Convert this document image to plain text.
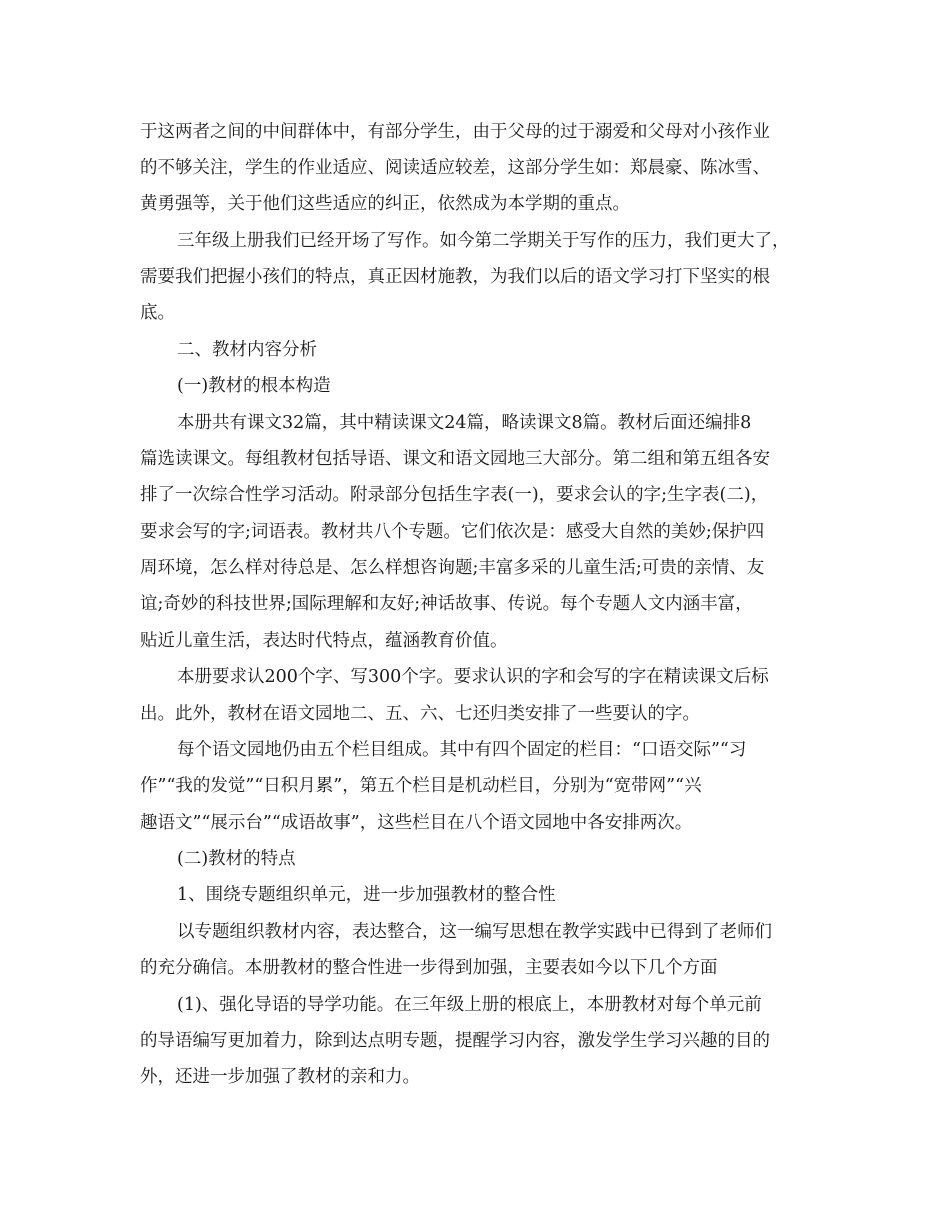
于这两者之间的中间群体中，有部分学生，由于父母的过于溺爱和父母对小孩作业
的不够关注，学生的作业适应、阅读适应较差，这部分学生如：郑晨豪、陈冰雪、
黄勇强等，关于他们这些适应的纠正，依然成为本学期的重点。
三年级上册我们已经开场了写作。如今第二学期关于写作的压力，我们更大了，
需要我们把握小孩们的特点，真正因材施教，为我们以后的语文学习打下坚实的根
底。
二、教材内容分析
(一)教材的根本构造
本册共有课文32篇，其中精读课文24篇，略读课文8篇。教材后面还编排8
篇选读课文。每组教材包括导语、课文和语文园地三大部分。第二组和第五组各安
排了一次综合性学习活动。附录部分包括生字表(一)，要求会认的字;生字表(二)，
要求会写的字;词语表。教材共八个专题。它们依次是：感受大自然的美妙;保护四
周环境，怎么样对待总是、怎么样想咨询题;丰富多采的儿童生活;可贵的亲情、友
谊;奇妙的科技世界;国际理解和友好;神话故事、传说。每个专题人文内涵丰富，
贴近儿童生活，表达时代特点，蕴涵教育价值。
本册要求认200个字、写300个字。要求认识的字和会写的字在精读课文后标
出。此外，教材在语文园地二、五、六、七还归类安排了一些要认的字。
每个语文园地仍由五个栏目组成。其中有四个固定的栏目：“口语交际”“习
作”“我的发觉”“日积月累”，第五个栏目是机动栏目，分别为“宽带网”“兴
趣语文”“展示台”“成语故事”，这些栏目在八个语文园地中各安排两次。
(二)教材的特点
1、围绕专题组织单元，进一步加强教材的整合性
以专题组织教材内容，表达整合，这一编写思想在教学实践中已得到了老师们
的充分确信。本册教材的整合性进一步得到加强，主要表如今以下几个方面
(1)、强化导语的导学功能。在三年级上册的根底上，本册教材对每个单元前
的导语编写更加着力，除到达点明专题，提醒学习内容，激发学生学习兴趣的目的
外，还进一步加强了教材的亲和力。
